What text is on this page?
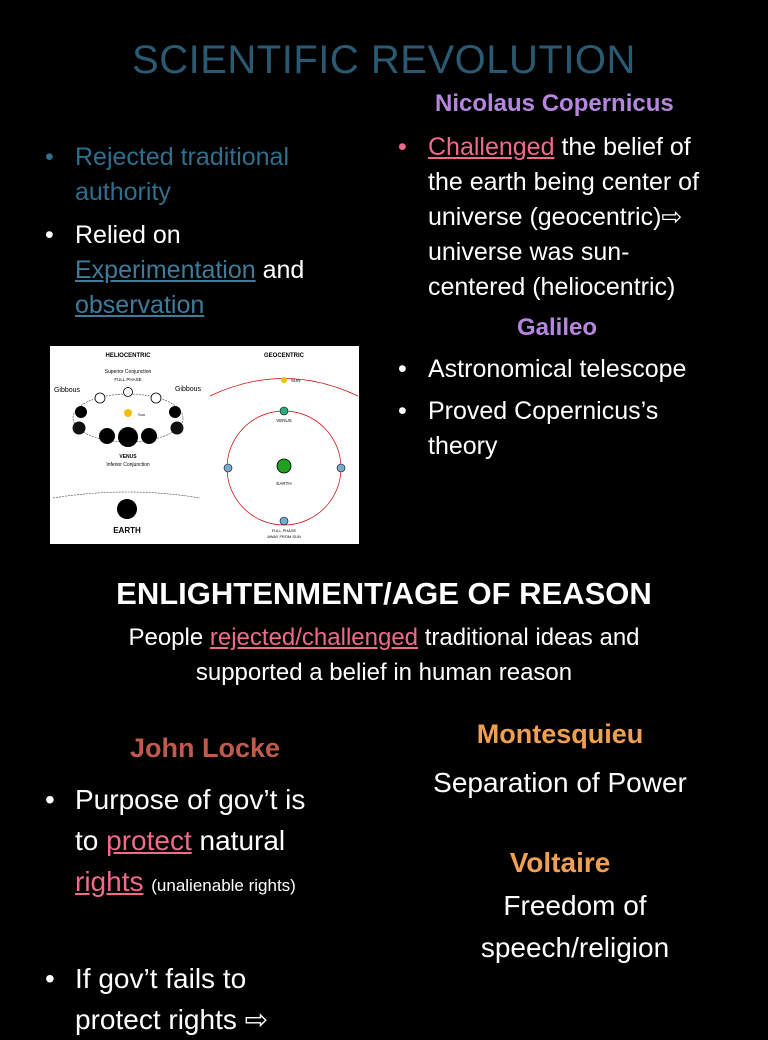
SCIENTIFIC REVOLUTION
• Rejected traditional authority
• Relied on
Experimentation and
observation
Nicolaus Copernicus
• Challenged the belief of
the earth being center of
universe (geocentric)⇨
universe was sun-
centered (heliocentric)
Galileo
• Astronomical telescope
• Proved Copernicus’s
theory
HELIOCENTRIC	GEOCENTRIC
Superior Conjunction
FULL PHASE
Gibbous	Gibbous
Sun
VENUS
Inferior Conjunction
EARTH
SUN
VENUS
EARTH
FULL PHASE
AWAY FROM SUN
ENLIGHTENMENT/AGE OF REASON
People rejected/challenged traditional ideas and
supported a belief in human reason
John Locke
• Purpose of gov’t is
to protect natural
rights (unalienable rights)
• If gov’t fails to
protect rights ⇨
Montesquieu
Separation of Power
Voltaire
Freedom of
speech/religion
